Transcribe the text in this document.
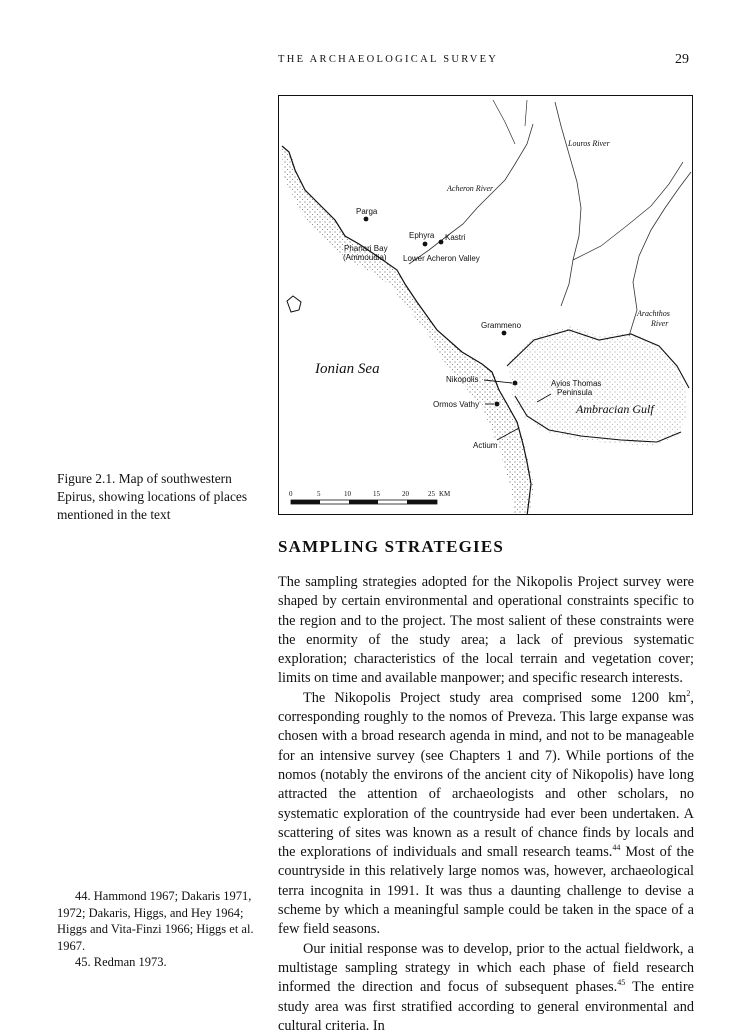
THE ARCHAEOLOGICAL SURVEY	29
Parga
Ephyra Kastri
Phanari Bay
(Ammoudia) Lower Acheron Valley
Grammeno
Nikopolis
Ormos Vathy
Ayios Thomas
Peninsula
Actium
Acheron River
Louros River
Arachthos
River
Ionian Sea
Ambracian Gulf
0	5	10	15	20	25 KM
Figure 2.1. Map of southwestern Epirus, showing locations of places mentioned in the text
SAMPLING STRATEGIES

The sampling strategies adopted for the Nikopolis Project survey were shaped by certain environmental and operational constraints specific to the region and to the project. The most salient of these constraints were the enormity of the study area; a lack of previous systematic exploration; characteristics of the local terrain and vegetation cover; limits on time and available manpower; and specific research interests.

The Nikopolis Project study area comprised some 1200 $km^2$, corresponding roughly to the nomos of Preveza. This large expanse was chosen with a broad research agenda in mind, and not to be manageable for an intensive survey (see Chapters 1 and 7). While portions of the nomos (notably the environs of the ancient city of Nikopolis) have long attracted the attention of archaeologists and other scholars, no systematic exploration of the countryside had ever been undertaken. A scattering of sites was known as a result of chance finds by locals and the explorations of individuals and small research teams.$^{44}$ Most of the countryside in this relatively large nomos was, however, archaeological terra incognita in 1991. It was thus a daunting challenge to devise a scheme by which a meaningful sample could be taken in the space of a few field seasons.

Our initial response was to develop, prior to the actual fieldwork, a multistage sampling strategy in which each phase of field research informed the direction and focus of subsequent phases.$^{45}$ The entire study area was first stratified according to general environmental and cultural criteria. In

44. Hammond 1967; Dakaris 1971, 1972; Dakaris, Higgs, and Hey 1964; Higgs and Vita-Finzi 1966; Higgs et al. 1967.

45. Redman 1973.
